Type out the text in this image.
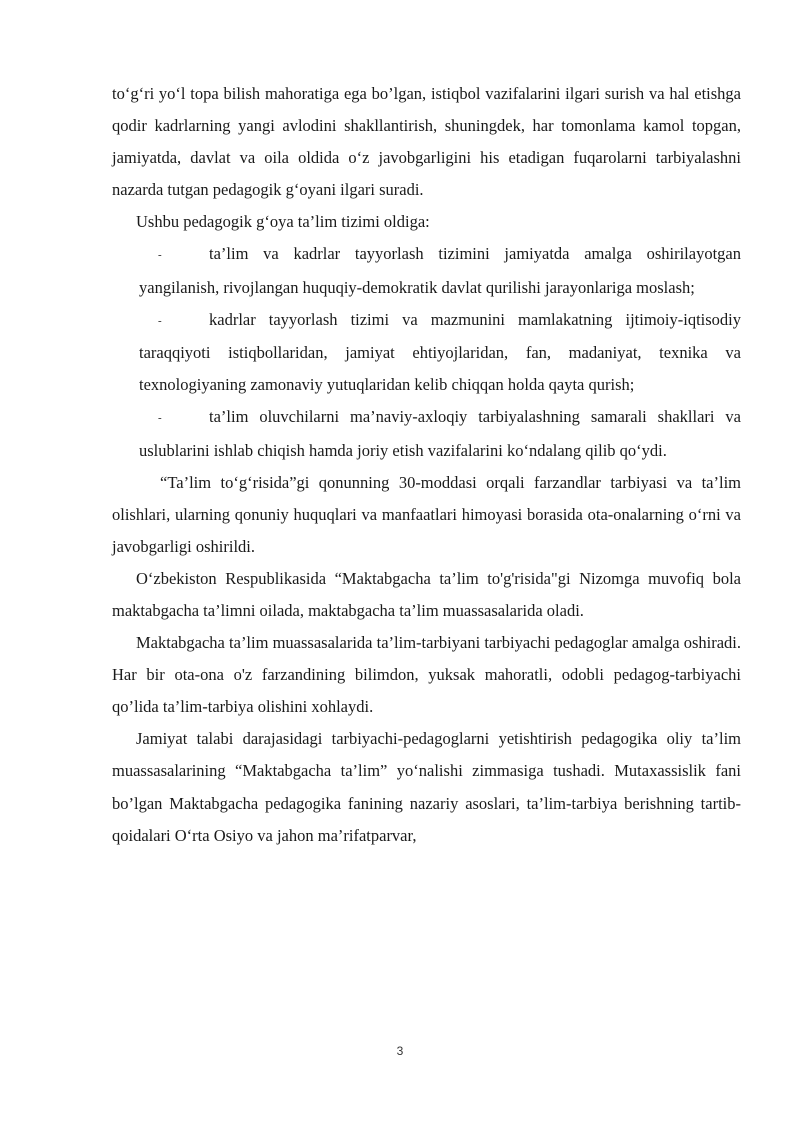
to‘g‘ri yo‘l topa bilish mahoratiga ega bo’lgan, istiqbol vazifalarini ilgari surish va hal etishga qodir kadrlarning yangi avlodini shakllantirish, shuningdek, har tomonlama kamol topgan, jamiyatda, davlat va oila oldida o‘z javobgarligini his etadigan fuqarolarni tarbiyalashni nazarda tutgan pedagogik g‘oyani ilgari suradi.

Ushbu pedagogik g‘oya ta’lim tizimi oldiga:

-	ta’lim va kadrlar tayyorlash tizimini jamiyatda amalga oshirilayotgan yangilanish, rivojlangan huquqiy-demokratik davlat qurilishi jarayonlariga moslash;

-	kadrlar tayyorlash tizimi va mazmunini mamlakatning ijtimoiy-iqtisodiy taraqqiyoti istiqbollaridan, jamiyat ehtiyojlaridan, fan, madaniyat, texnika va texnologiyaning zamonaviy yutuqlaridan kelib chiqqan holda qayta qurish;

-	ta’lim oluvchilarni ma’naviy-axloqiy tarbiyalashning samarali shakllari va uslublarini ishlab chiqish hamda joriy etish vazifalarini ko‘ndalang qilib qo‘ydi.

“Ta’lim to‘g‘risida”gi qonunning 30-moddasi orqali farzandlar tarbiyasi va ta’lim olishlari, ularning qonuniy huquqlari va manfaatlari himoyasi borasida ota-onalarning o‘rni va javobgarligi oshirildi.

O‘zbekiston Respublikasida “Maktabgacha ta’lim to'g'risida"gi Nizomga muvofiq bola maktabgacha ta’limni oilada, maktabgacha ta’lim muassasalarida oladi.

Maktabgacha ta’lim muassasalarida ta’lim-tarbiyani tarbiyachi pedagoglar amalga oshiradi. Har bir ota-ona o'z farzandining bilimdon, yuksak mahoratli, odobli pedagog-tarbiyachi qo’lida ta’lim-tarbiya olishini xohlaydi.

Jamiyat talabi darajasidagi tarbiyachi-pedagoglarni yetishtirish pedagogika oliy ta’lim muassasalarining “Maktabgacha ta’lim” yo‘nalishi zimmasiga tushadi. Mutaxassislik fani bo’lgan Maktabgacha pedagogika fanining nazariy asoslari, ta’lim-tarbiya berishning tartib-qoidalari O‘rta Osiyo va jahon ma’rifatparvar,

3
